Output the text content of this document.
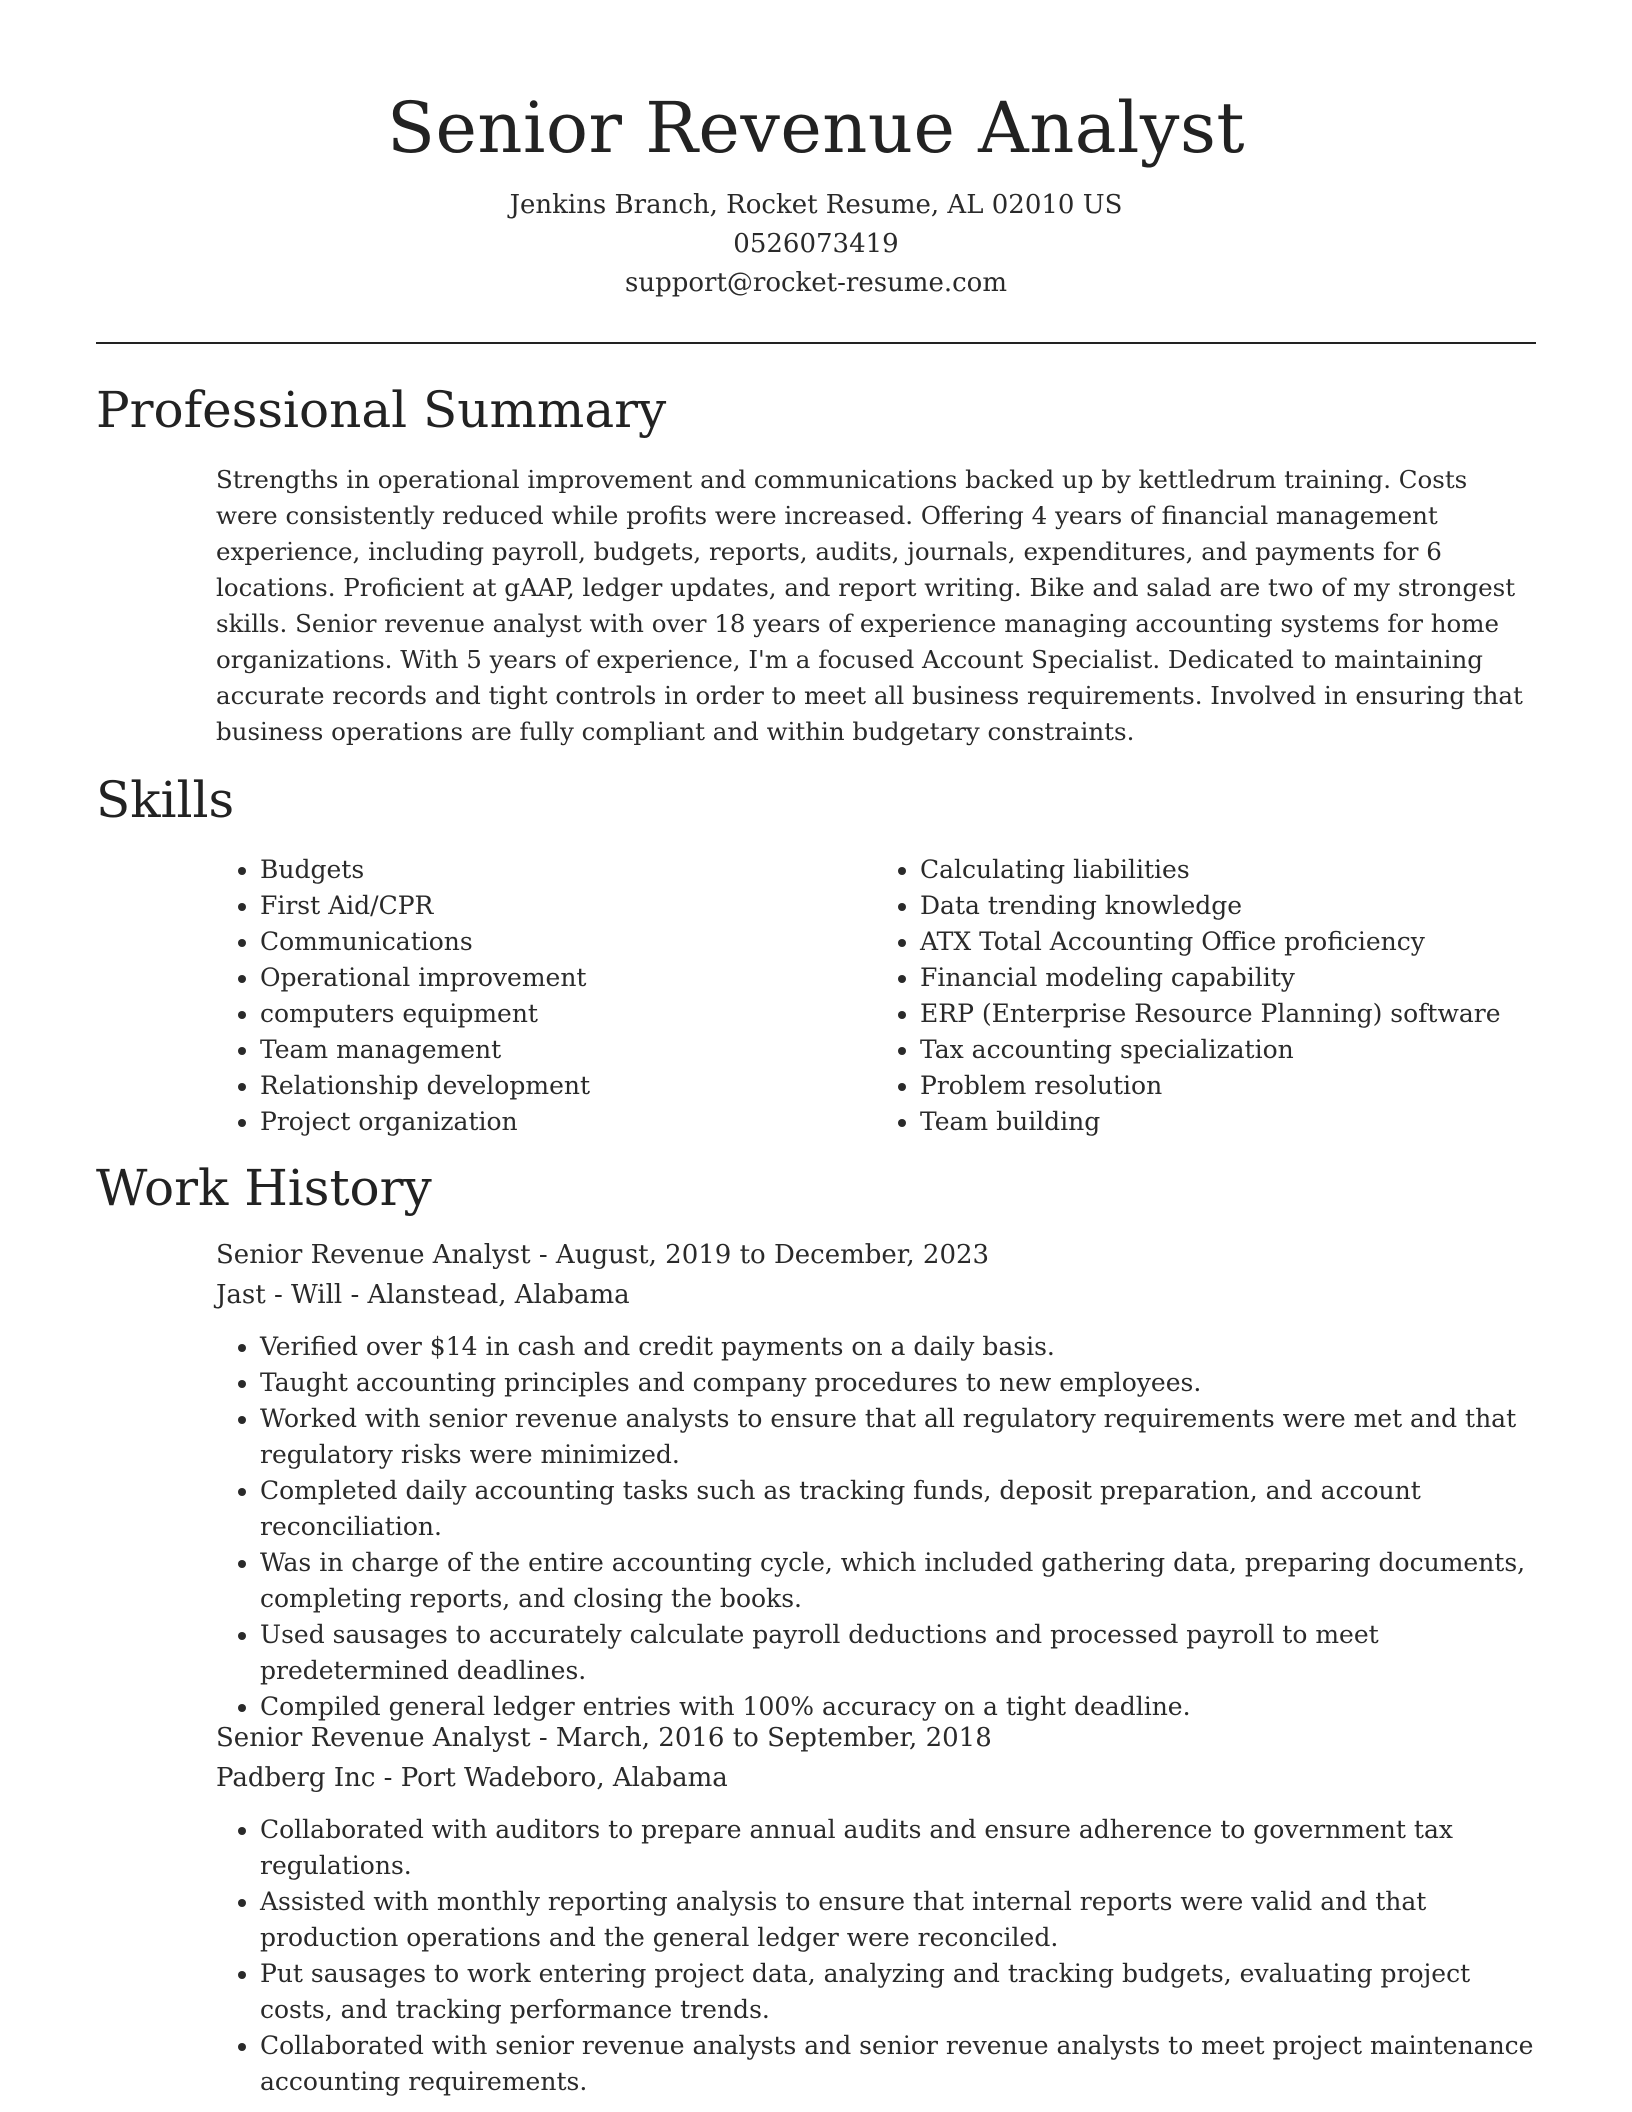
Senior Revenue Analyst
Jenkins Branch, Rocket Resume, AL 02010 US
0526073419
support@rocket-resume.com
Professional Summary

Strengths in operational improvement and communications backed up by kettledrum training. Costs were consistently reduced while profits were increased. Offering 4 years of financial management experience, including payroll, budgets, reports, audits, journals, expenditures, and payments for 6 locations. Proficient at gAAP, ledger updates, and report writing. Bike and salad are two of my strongest skills. Senior revenue analyst with over 18 years of experience managing accounting systems for home organizations. With 5 years of experience, I'm a focused Account Specialist. Dedicated to maintaining accurate records and tight controls in order to meet all business requirements. Involved in ensuring that business operations are fully compliant and within budgetary constraints.

Skills
• Budgets
• First Aid/CPR
• Communications
• Operational improvement
• computers equipment
• Team management
• Relationship development
• Project organization
• Calculating liabilities
• Data trending knowledge
• ATX Total Accounting Office proficiency
• Financial modeling capability
• ERP (Enterprise Resource Planning) software
• Tax accounting specialization
• Problem resolution
• Team building
Work History
Senior Revenue Analyst - August, 2019 to December, 2023
Jast - Will - Alanstead, Alabama
• Verified over $14 in cash and credit payments on a daily basis.
• Taught accounting principles and company procedures to new employees.
• Worked with senior revenue analysts to ensure that all regulatory requirements were met and that regulatory risks were minimized.
• Completed daily accounting tasks such as tracking funds, deposit preparation, and account reconciliation.
• Was in charge of the entire accounting cycle, which included gathering data, preparing documents, completing reports, and closing the books.
• Used sausages to accurately calculate payroll deductions and processed payroll to meet predetermined deadlines.
• Compiled general ledger entries with 100% accuracy on a tight deadline.
Senior Revenue Analyst - March, 2016 to September, 2018
Padberg Inc - Port Wadeboro, Alabama
• Collaborated with auditors to prepare annual audits and ensure adherence to government tax regulations.
• Assisted with monthly reporting analysis to ensure that internal reports were valid and that production operations and the general ledger were reconciled.
• Put sausages to work entering project data, analyzing and tracking budgets, evaluating project costs, and tracking performance trends.
• Collaborated with senior revenue analysts and senior revenue analysts to meet project maintenance accounting requirements.
